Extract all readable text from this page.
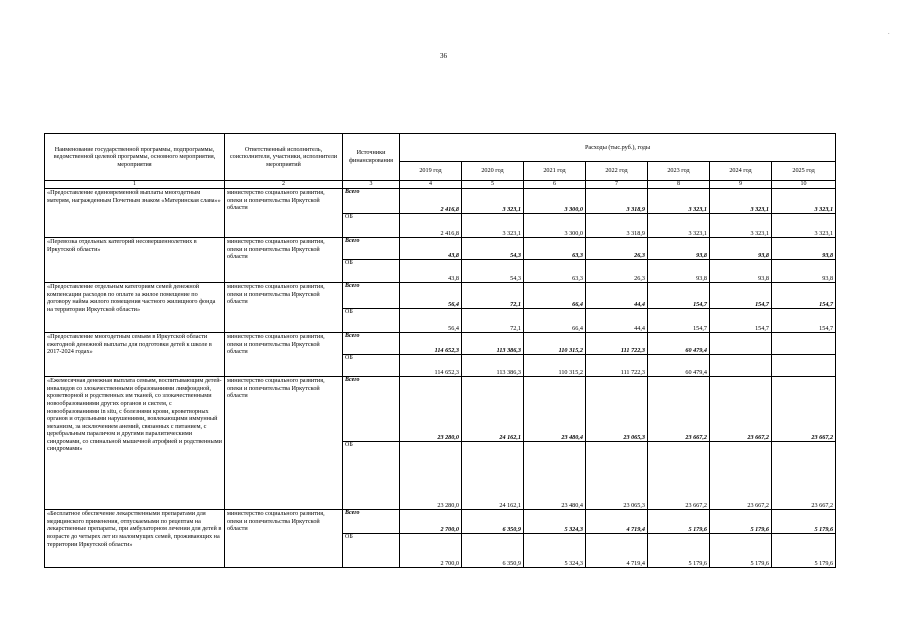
36
·
Наименование государственной программы, подпрограммы, ведомственной целевой программы, основного мероприятия, мероприятия	Ответственный исполнитель, соисполнители, участники, исполнители мероприятий	Источники финансирования	Расходы (тыс.руб.), годы						
			2019 год	2020 год	2021 год	2022 год	2023 год	2024 год	2025 год
1	2	3	4	5	6	7	8	9	10
«Предоставление единовременной выплаты многодетным матерям, награжденным Почетным знаком «Материнская слава»»	министерство социального развития, опеки и попечительства Иркутской области	Всего	2 416,8	3 323,1	3 300,0	3 318,9	3 323,1	3 323,1	3 323,1
		ОБ	2 416,8	3 323,1	3 300,0	3 318,9	3 323,1	3 323,1	3 323,1
«Перевозка отдельных категорий несовершеннолетних в Иркутской области»	министерство социального развития, опеки и попечительства Иркутской области	Всего	43,8	54,3	63,3	26,3	93,8	93,8	93,8
		ОБ	43,8	54,3	63,3	26,3	93,8	93,8	93,8
«Предоставление отдельным категориям семей денежной компенсации расходов по оплате за жилое помещение по договору найма жилого помещения частного жилищного фонда на территории Иркутской области»	министерство социального развития, опеки и попечительства Иркутской области	Всего	56,4	72,1	66,4	44,4	154,7	154,7	154,7
		ОБ	56,4	72,1	66,4	44,4	154,7	154,7	154,7
«Предоставление многодетным семьям в Иркутской области ежегодной денежной выплаты для подготовки детей к школе в 2017-2024 годах»	министерство социального развития, опеки и попечительства Иркутской области	Всего	114 652,3	113 386,3	110 315,2	111 722,3	60 479,4		
		ОБ	114 652,3	113 386,3	110 315,2	111 722,3	60 479,4		
«Ежемесячная денежная выплата семьям, воспитывающим детей-инвалидов со злокачественными образованиями лимфоидной, кроветворной и родственных им тканей, со злокачественными новообразованиями других органов и систем, с новообразованиями in situ, с болезнями крови, кроветворных органов и отдельными нарушениями, вовлекающими иммунный механизм, за исключением анемий, связанных с питанием, с церебральным параличом и другими паралитическими синдромами, со спинальной мышечной атрофией и родственными синдромами»	министерство социального развития, опеки и попечительства Иркутской области	Всего	23 280,0	24 162,1	23 480,4	23 065,3	23 667,2	23 667,2	23 667,2
		ОБ	23 280,0	24 162,1	23 480,4	23 065,3	23 667,2	23 667,2	23 667,2
«Бесплатное обеспечение лекарственными препаратами для медицинского применения, отпускаемыми по рецептам на лекарственные препараты, при амбулаторном лечении для детей в возрасте до четырех лет из малоимущих семей, проживающих на территории Иркутской области»	министерство социального развития, опеки и попечительства Иркутской области	Всего	2 700,0	6 350,9	5 324,3	4 719,4	5 179,6	5 179,6	5 179,6
		ОБ	2 700,0	6 350,9	5 324,3	4 719,4	5 179,6	5 179,6	5 179,6
